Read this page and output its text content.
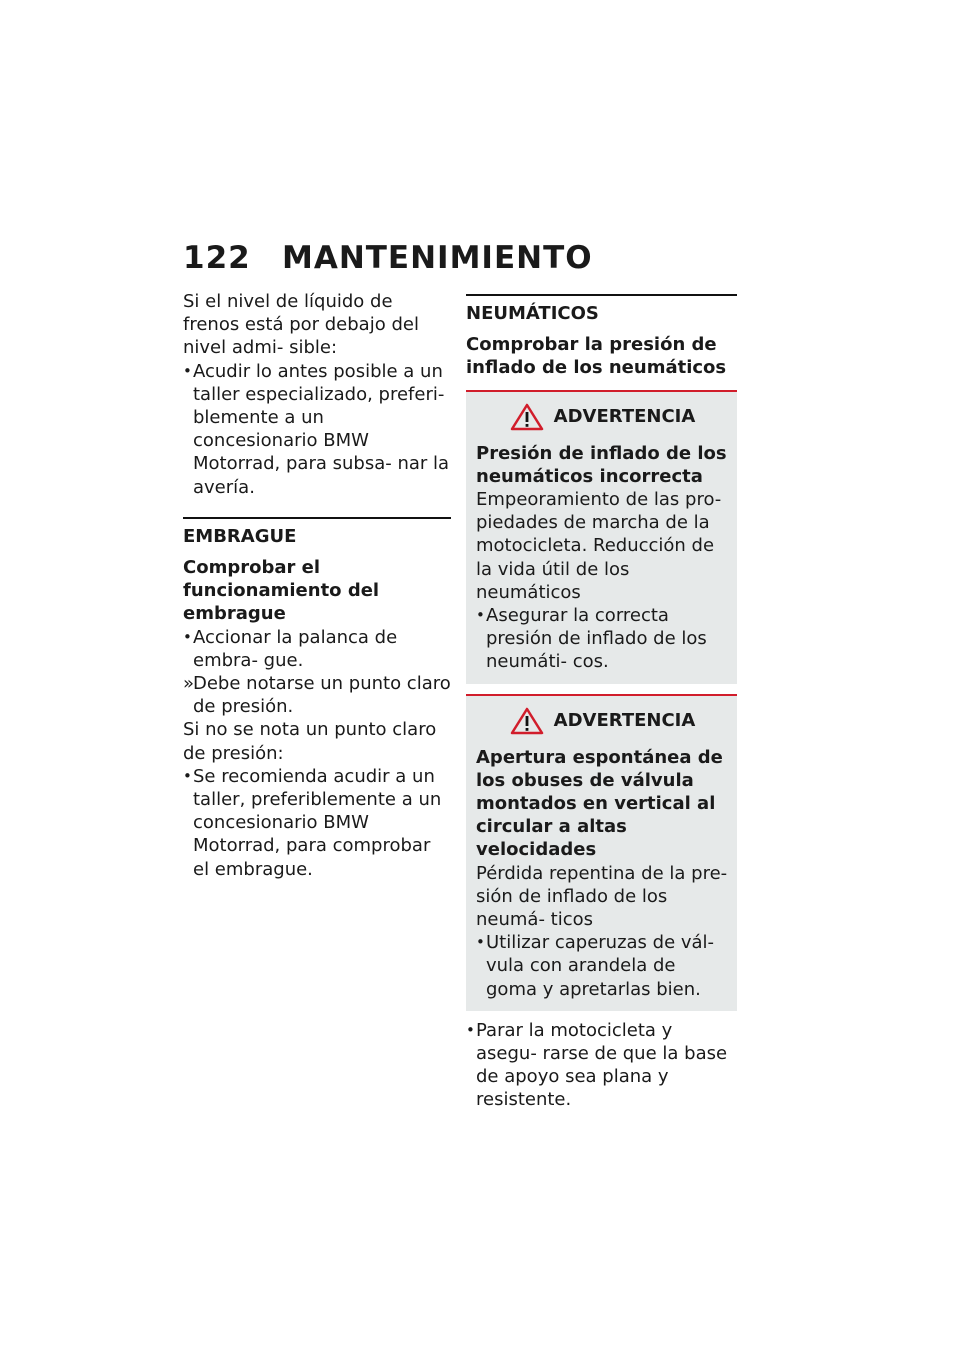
122 MANTENIMIENTO

Si el nivel de líquido de frenos está por debajo del nivel admi- sible:

• Acudir lo antes posible a un taller especializado, preferi- blemente a un concesionario BMW Motorrad, para subsa- nar la avería.

EMBRAGUE
Comprobar el funcionamiento del embrague

• Accionar la palanca de embra- gue.

»
Debe notarse un punto claro de presión.

Si no se nota un punto claro de presión:

• Se recomienda acudir a un taller, preferiblemente a un concesionario BMW Motorrad, para comprobar el embrague.

NEUMÁTICOS
Comprobar la presión de inflado de los neumáticos
ADVERTENCIA
Presión de inflado de los neumáticos incorrecta

Empeoramiento de las pro- piedades de marcha de la motocicleta. Reducción de la vida útil de los neumáticos

• Asegurar la correcta presión de inflado de los neumáti- cos.

ADVERTENCIA
Apertura espontánea de los obuses de válvula montados en vertical al circular a altas velocidades

Pérdida repentina de la pre- sión de inflado de los neumá- ticos

• Utilizar caperuzas de vál- vula con arandela de goma y apretarlas bien.

• Parar la motocicleta y asegu- rarse de que la base de apoyo sea plana y resistente.
